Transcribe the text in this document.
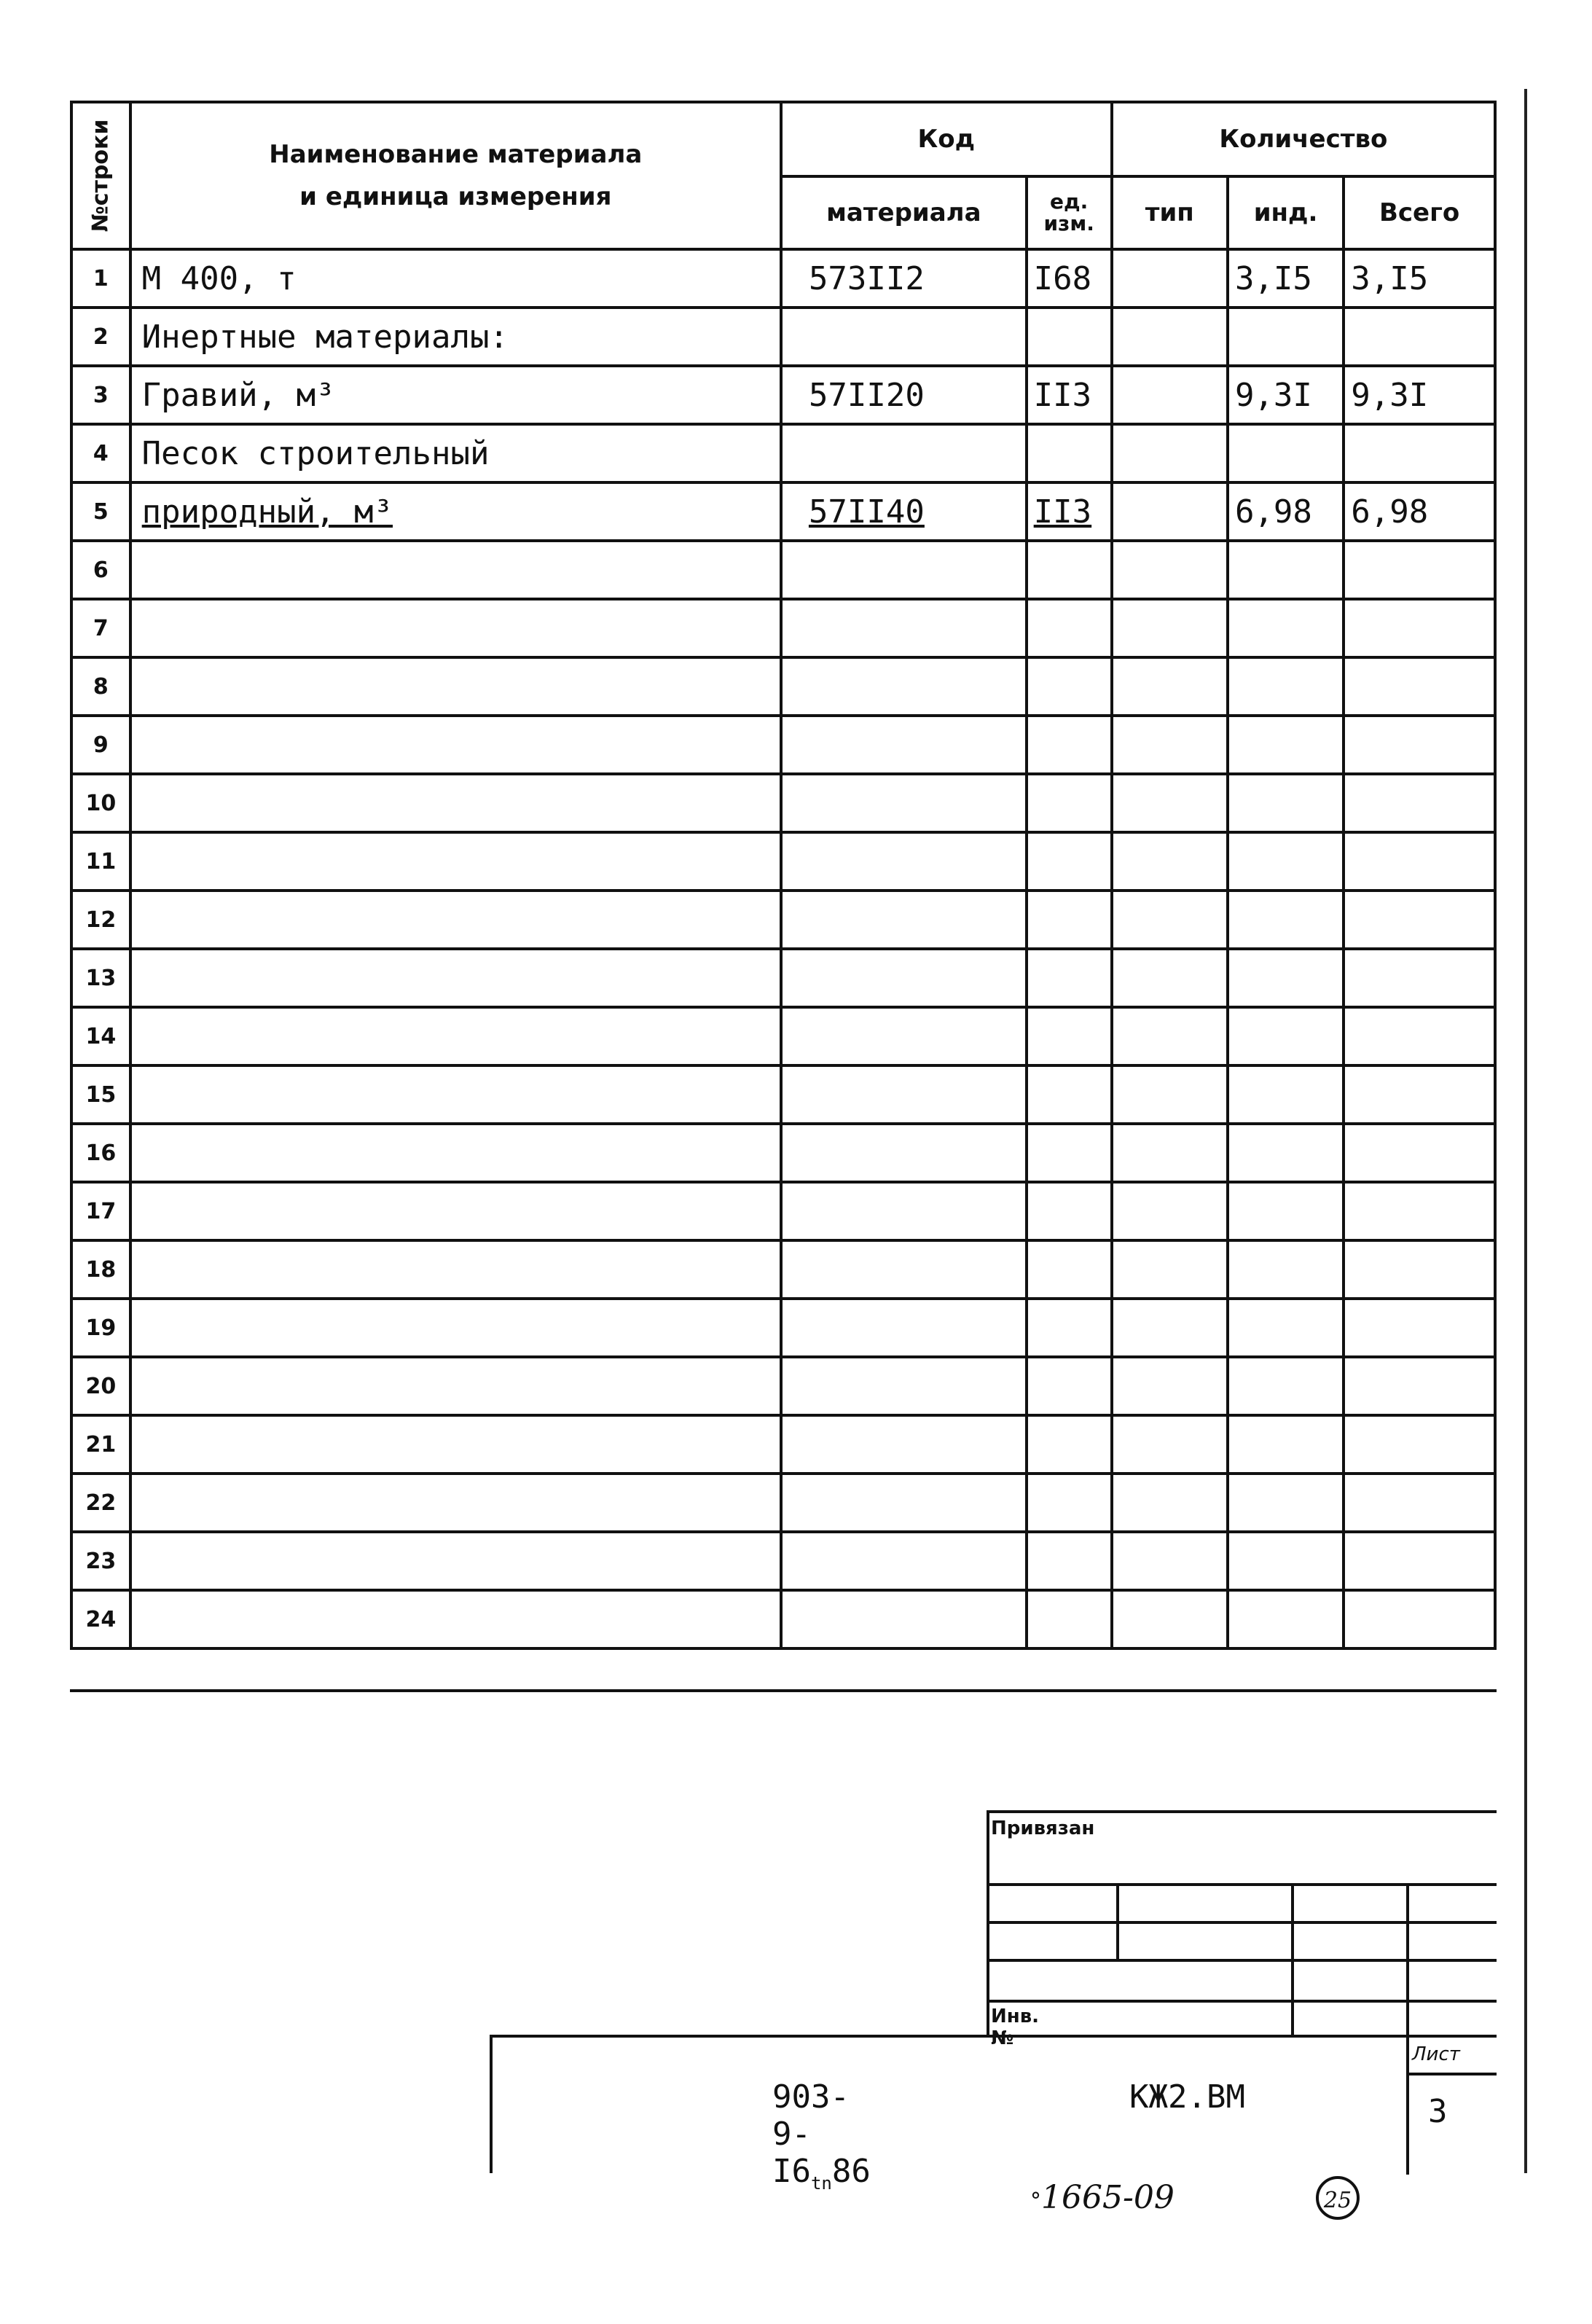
№строки	Наименование материала
и единица измерения	Код		Количество		
		материала	ед. изм.	тип	инд.	Всего
1	М 400, т	573II2	I68		3,I5	3,I5
2	Инертные материалы:					
3	Гравий, м³	57II20	II3		9,3I	9,3I
4	Песок строительный					
5	природный, м³	57II40	II3		6,98	6,98
6						
7						
8						
9						
10						
11						
12						
13						
14						
15						
16						
17						
18						
19						
20						
21						
22						
23						
24						
Привязан
Инв. №
Лист
3
$903-9-I6_{tn}86$
КЖ2.ВМ
°1665-09	25
